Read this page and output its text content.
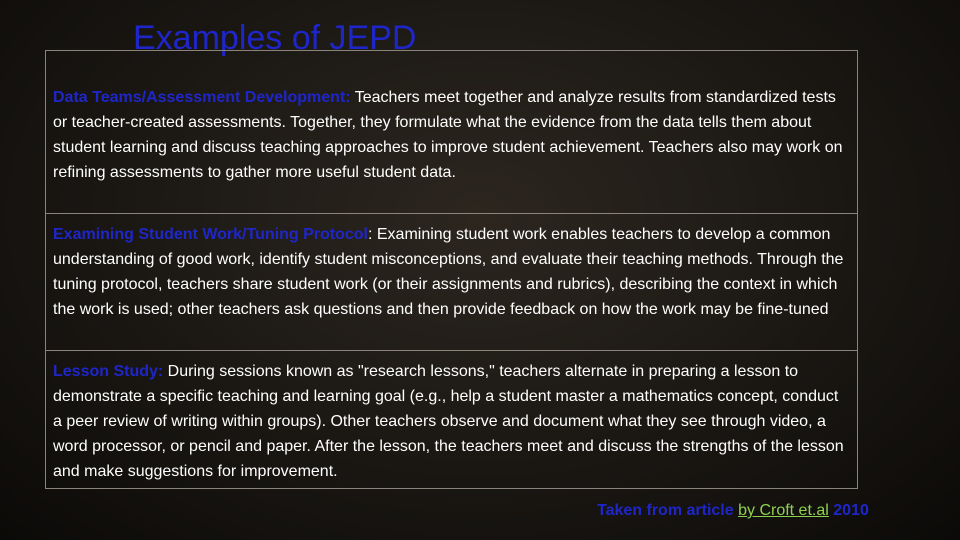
Examples of JEPD
Data Teams/Assessment Development: Teachers meet together and analyze results from standardized tests or teacher-created assessments. Together, they formulate what the evidence from the data tells them about student learning and discuss teaching approaches to improve student achievement. Teachers also may work on refining assessments to gather more useful student data.
Examining Student Work/Tuning Protocol: Examining student work enables teachers to develop a common understanding of good work, identify student misconceptions, and evaluate their teaching methods. Through the tuning protocol, teachers share student work (or their assignments and rubrics), describing the context in which the work is used; other teachers ask questions and then provide feedback on how the work may be fine-tuned
Lesson Study: During sessions known as "research lessons," teachers alternate in preparing a lesson to demonstrate a specific teaching and learning goal (e.g., help a student master a mathematics concept, conduct a peer review of writing within groups). Other teachers observe and document what they see through video, a word processor, or pencil and paper. After the lesson, the teachers meet and discuss the strengths of the lesson and make suggestions for improvement.
Taken from article by Croft et.al 2010
